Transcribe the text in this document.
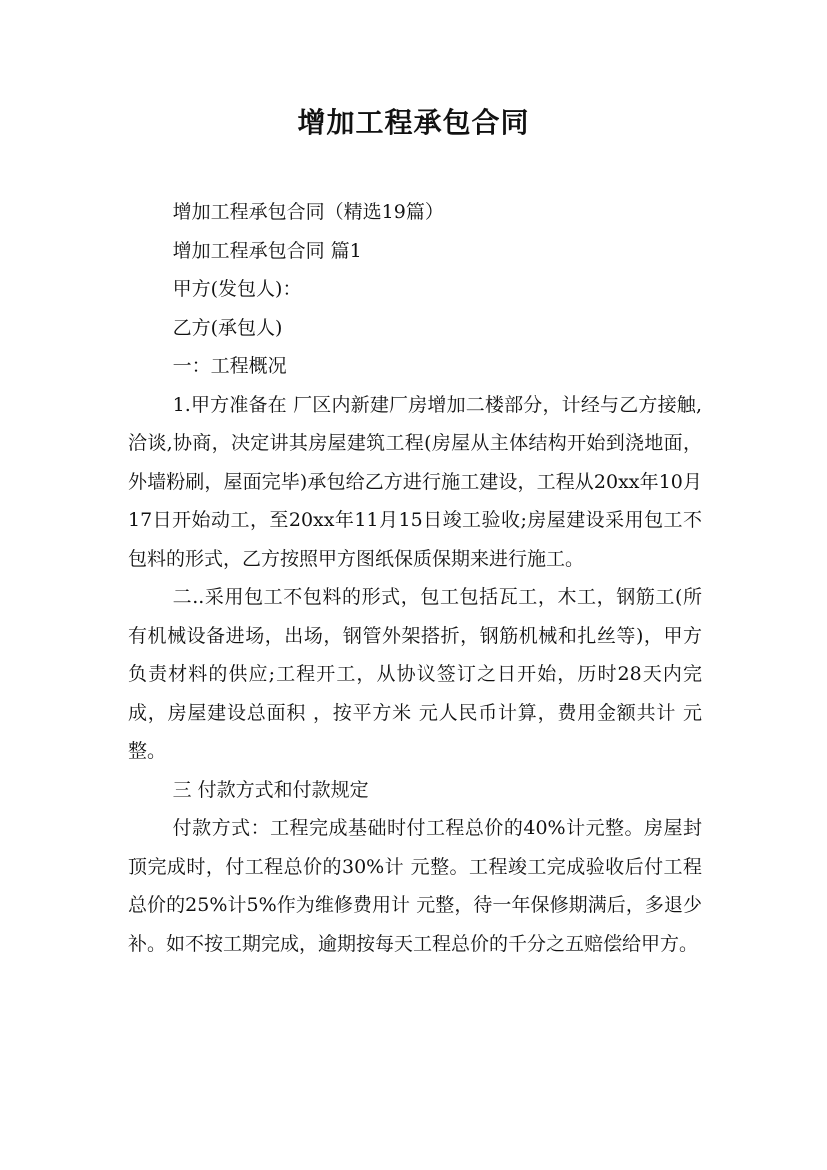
增加工程承包合同

增加工程承包合同（精选19篇）

增加工程承包合同 篇1

甲方(发包人)：

乙方(承包人)

一：工程概况

1.甲方准备在 厂区内新建厂房增加二楼部分，计经与乙方接触,洽谈,协商，决定讲其房屋建筑工程(房屋从主体结构开始到浇地面，外墙粉刷，屋面完毕)承包给乙方进行施工建设，工程从20xx年10月17日开始动工，至20xx年11月15日竣工验收;房屋建设采用包工不包料的形式，乙方按照甲方图纸保质保期来进行施工。

二..采用包工不包料的形式，包工包括瓦工，木工，钢筋工(所有机械设备进场，出场，钢管外架搭折，钢筋机械和扎丝等)，甲方负责材料的供应;工程开工，从协议签订之日开始，历时28天内完成，房屋建设总面积 ，按平方米 元人民币计算，费用金额共计 元整。

三 付款方式和付款规定

付款方式：工程完成基础时付工程总价的40%计元整。房屋封顶完成时，付工程总价的30%计 元整。工程竣工完成验收后付工程总价的25%计5%作为维修费用计 元整，待一年保修期满后，多退少补。如不按工期完成，逾期按每天工程总价的千分之五赔偿给甲方。
